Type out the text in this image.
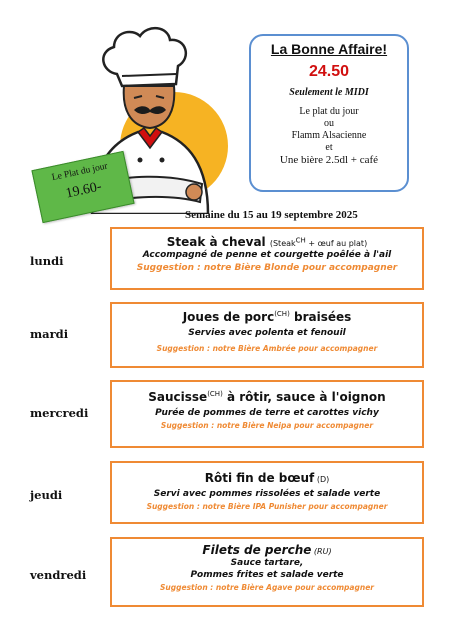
La Bonne Affaire!
24.50
Seulement le MIDI
Le plat du jour
ou
Flamm Alsacienne
et
Une bière 2.5dl + café
Le Plat du jour
19.60-
Semaine du 15 au 19 septembre 2025
lundi
Steak à cheval (Steak$^{CH}$ + œuf au plat)
Accompagné de penne et courgette poêlée à l'ail
Suggestion : notre Bière Blonde pour accompagner
mardi
Joues de porc$^{(CH)}$ braisées
Servies avec polenta et fenouil
Suggestion : notre Bière Ambrée pour accompagner
mercredi
Saucisse$^{(CH)}$ à rôtir, sauce à l'oignon
Purée de pommes de terre et carottes vichy
Suggestion : notre Bière Neipa pour accompagner
jeudi
Rôti fin de bœuf (D)
Servi avec pommes rissolées et salade verte
Suggestion : notre Bière IPA Punisher pour accompagner
vendredi
Filets de perche (RU)
Sauce tartare,
Pommes frites et salade verte
Suggestion : notre Bière Agave pour accompagner
